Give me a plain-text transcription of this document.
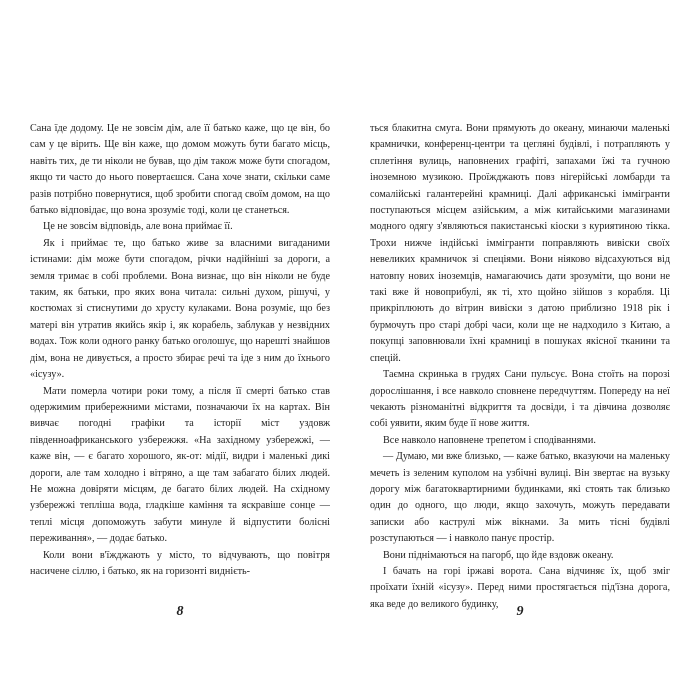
Сана їде додому. Це не зовсім дім, але її батько каже, що це він, бо сам у це вірить. Ще він каже, що домом можуть бути багато місць, навіть тих, де ти ніколи не бував, що дім також може бути спогадом, якщо ти часто до нього повертаєшся. Сана хоче знати, скільки саме разів потрібно повернутися, щоб зробити спогад своїм домом, на що батько відповідає, що вона зрозуміє тоді, коли це станеться.

Це не зовсім відповідь, але вона приймає її.

Як і приймає те, що батько живе за власними вигаданими істинами: дім може бути спогадом, річки надійніші за дороги, а земля тримає в собі проблеми. Вона визнає, що він ніколи не буде таким, як батьки, про яких вона читала: сильні духом, рішучі, у костюмах зі стиснутими до хрусту кулаками. Вона розуміє, що без матері він утратив якийсь якір і, як корабель, заблукав у незвідних водах. Тож коли одного ранку батько оголошує, що нарешті знайшов дім, вона не дивується, а просто збирає речі та іде з ним до їхнього «ісузу».

Мати померла чотири роки тому, а після її смерті батько став одержимим прибережними містами, позначаючи їх на картах. Він вивчає погодні графіки та історії міст уздовж південноафриканського узбережжя. «На західному узбережжі, — каже він, — є багато хорошого, як-от: мідії, видри і маленькі дикі дороги, але там холодно і вітряно, а ще там забагато білих людей. Не можна довіряти місцям, де багато білих людей. На східному узбережжі тепліша вода, гладкіше каміння та яскравіше сонце — теплі місця допоможуть забути минуле й відпустити болісні переживання», — додає батько.

Коли вони в'їжджають у місто, то відчувають, що повітря насичене сіллю, і батько, як на горизонті виднієть-

8

ться блакитна смуга. Вони прямують до океану, минаючи маленькі крамнички, конференц-центри та цегляні будівлі, і потрапляють у сплетіння вулиць, наповнених графіті, запахами їжі та гучною іноземною музикою. Проїжджають повз нігерійські ломбарди та сомалійські галантерейні крамниці. Далі африканські іммігранти поступаються місцем азійським, а між китайськими магазинами модного одягу з'являються пакистанські кіоски з куриятиною тікка. Трохи нижче індійські іммігранти поправляють вивіски своїх невеликих крамничок зі спеціями. Вони ніяково відсахуються від натовпу нових іноземців, намагаючись дати зрозуміти, що вони не такі вже й новоприбулі, як ті, хто щойно зійшов з корабля. Ці прикріплюють до вітрин вивіски з датою приблизно 1918 рік і бурмочуть про старі добрі часи, коли ще не надходило з Китаю, а покупці заповнювали їхні крамниці в пошуках якісної тканини та спецій.

Таємна скринька в грудях Сани пульсує. Вона стоїть на порозі дорослішання, і все навколо сповнене передчуттям. Попереду на неї чекають різноманітні відкриття та досвіди, і та дівчина дозволяє собі уявити, яким буде її нове життя.

Все навколо наповнене трепетом і сподіваннями.

— Думаю, ми вже близько, — каже батько, вказуючи на маленьку мечеть із зеленим куполом на узбічні вулиці. Він звертає на вузьку дорогу між багатоквартирними будинками, які стоять так близько один до одного, що люди, якщо захочуть, можуть передавати записки або каструлі між вікнами. За мить тісні будівлі розступаються — і навколо панує простір.

Вони піднімаються на пагорб, що йде вздовж океану.

І бачать на горі іржаві ворота. Сана відчиняє їх, щоб зміг проїхати їхній «ісузу». Перед ними простягається під'їзна дорога, яка веде до великого будинку,	9
